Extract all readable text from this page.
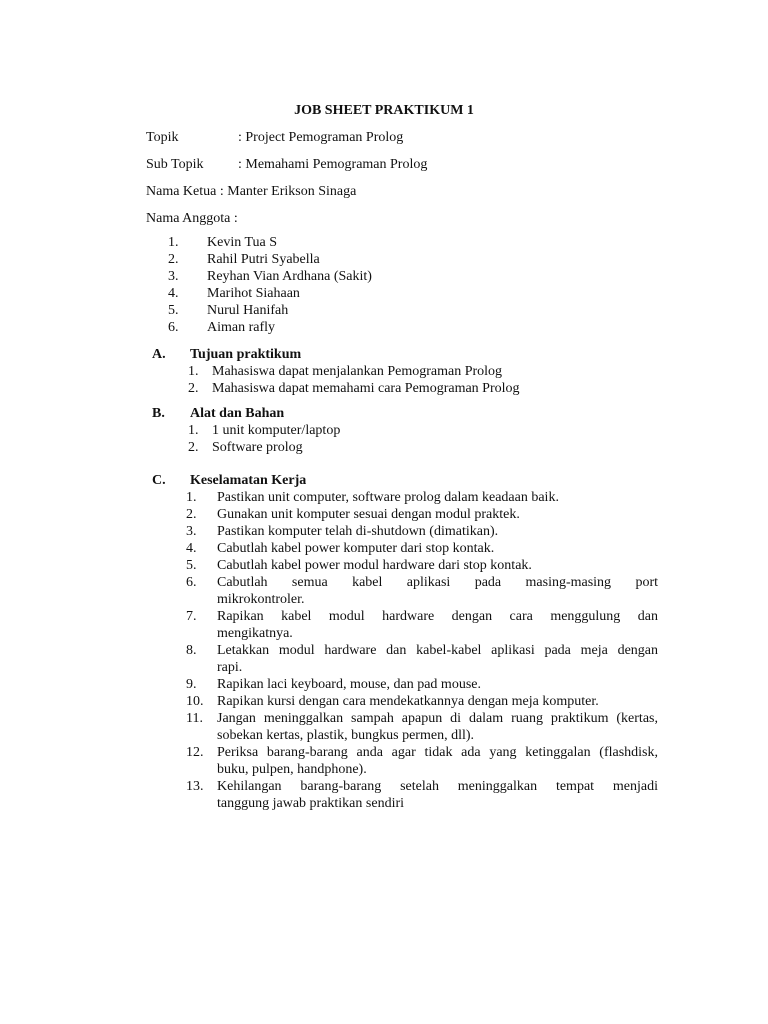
JOB SHEET PRAKTIKUM 1
Topik	: Project Pemograman Prolog
Sub Topik : Memahami Pemograman Prolog
Nama Ketua : Manter Erikson Sinaga
Nama Anggota :
1. Kevin Tua S
2. Rahil Putri Syabella
3. Reyhan Vian Ardhana (Sakit)
4. Marihot Siahaan
5. Nurul Hanifah
6. Aiman rafly
A. Tujuan praktikum
1. Mahasiswa dapat menjalankan Pemograman Prolog
2. Mahasiswa dapat memahami cara Pemograman Prolog
B. Alat dan Bahan
1. 1 unit komputer/laptop
2. Software prolog
C. Keselamatan Kerja
1. Pastikan unit computer, software prolog dalam keadaan baik.
2. Gunakan unit komputer sesuai dengan modul praktek.
3. Pastikan komputer telah di-shutdown (dimatikan).
4. Cabutlah kabel power komputer dari stop kontak.
5. Cabutlah kabel power modul hardware dari stop kontak.
6. Cabutlah semua kabel aplikasi pada masing-masing port
mikrokontroler.
7. Rapikan kabel modul hardware dengan cara menggulung dan
mengikatnya.
8. Letakkan modul hardware dan kabel-kabel aplikasi pada meja dengan
rapi.
9. Rapikan laci keyboard, mouse, dan pad mouse.
10. Rapikan kursi dengan cara mendekatkannya dengan meja komputer.
11. Jangan meninggalkan sampah apapun di dalam ruang praktikum (kertas,
sobekan kertas, plastik, bungkus permen, dll).
12. Periksa barang-barang anda agar tidak ada yang ketinggalan (flashdisk,
buku, pulpen, handphone).
13. Kehilangan barang-barang setelah meninggalkan tempat menjadi
tanggung jawab praktikan sendiri
